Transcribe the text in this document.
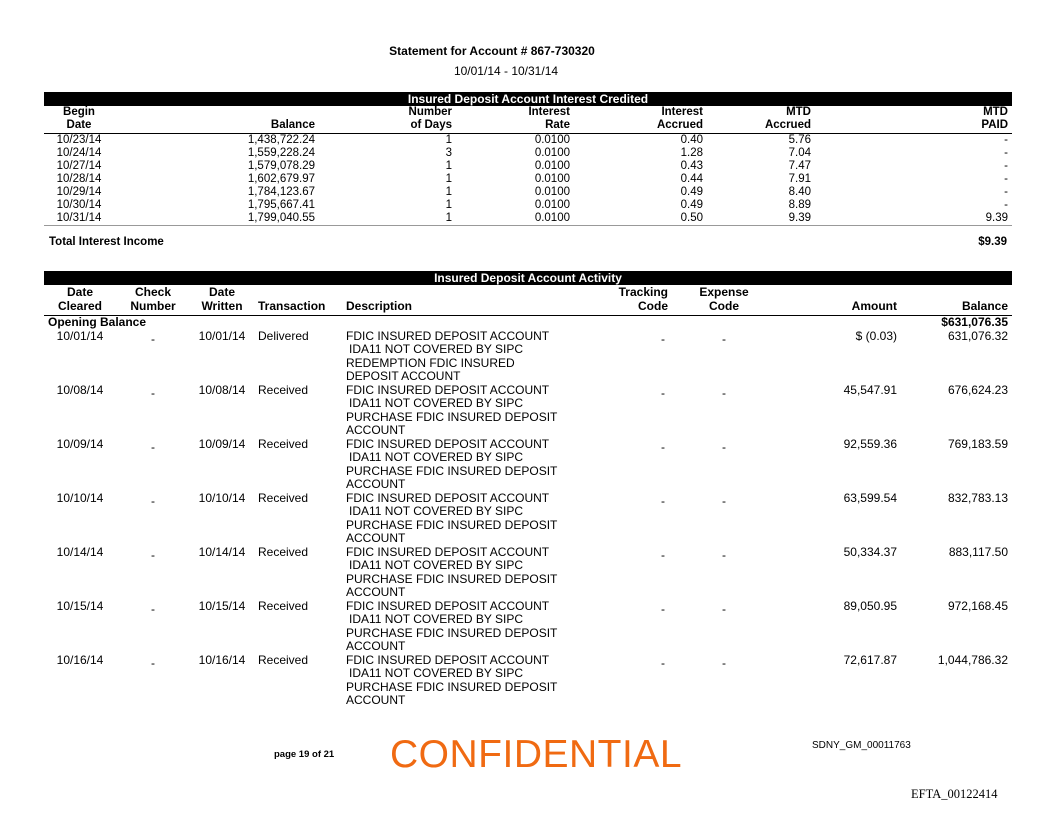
Statement for Account # 867-730320
10/01/14 - 10/31/14
Insured Deposit Account Interest Credited
Begin		Number	Interest	Interest	MTD	MTD
Date	Balance	of Days	Rate	Accrued	Accrued	PAID
10/23/14	1,438,722.24	1	0.0100	0.40	5.76	-
10/24/14	1,559,228.24	3	0.0100	1.28	7.04	-
10/27/14	1,579,078.29	1	0.0100	0.43	7.47	-
10/28/14	1,602,679.97	1	0.0100	0.44	7.91	-
10/29/14	1,784,123.67	1	0.0100	0.49	8.40	-
10/30/14	1,795,667.41	1	0.0100	0.49	8.89	-
10/31/14	1,799,040.55	1	0.0100	0.50	9.39	9.39
Total Interest Income	$9.39
Insured Deposit Account Activity
Date	Check	Date			Tracking	Expense		
Cleared	Number	Written	Transaction	Description	Code	Code	Amount	Balance
Opening Balance								$631,076.35
10/01/14	-	10/01/14	Delivered	FDIC INSURED DEPOSIT ACCOUNT
IDA11 NOT COVERED BY SIPC
REDEMPTION FDIC INSURED
DEPOSIT ACCOUNT	-	-	$ (0.03)	631,076.32
10/08/14	-	10/08/14	Received	FDIC INSURED DEPOSIT ACCOUNT
IDA11 NOT COVERED BY SIPC
PURCHASE FDIC INSURED DEPOSIT
ACCOUNT	-	-	45,547.91	676,624.23
10/09/14	-	10/09/14	Received	FDIC INSURED DEPOSIT ACCOUNT
IDA11 NOT COVERED BY SIPC
PURCHASE FDIC INSURED DEPOSIT
ACCOUNT	-	-	92,559.36	769,183.59
10/10/14	-	10/10/14	Received	FDIC INSURED DEPOSIT ACCOUNT
IDA11 NOT COVERED BY SIPC
PURCHASE FDIC INSURED DEPOSIT
ACCOUNT	-	-	63,599.54	832,783.13
10/14/14	-	10/14/14	Received	FDIC INSURED DEPOSIT ACCOUNT
IDA11 NOT COVERED BY SIPC
PURCHASE FDIC INSURED DEPOSIT
ACCOUNT	-	-	50,334.37	883,117.50
10/15/14	-	10/15/14	Received	FDIC INSURED DEPOSIT ACCOUNT
IDA11 NOT COVERED BY SIPC
PURCHASE FDIC INSURED DEPOSIT
ACCOUNT	-	-	89,050.95	972,168.45
10/16/14	-	10/16/14	Received	FDIC INSURED DEPOSIT ACCOUNT
IDA11 NOT COVERED BY SIPC
PURCHASE FDIC INSURED DEPOSIT
ACCOUNT	-	-	72,617.87	1,044,786.32
page 19 of 21 CONFIDENTIAL	SDNY_GM_00011763
EFTA_00122414
